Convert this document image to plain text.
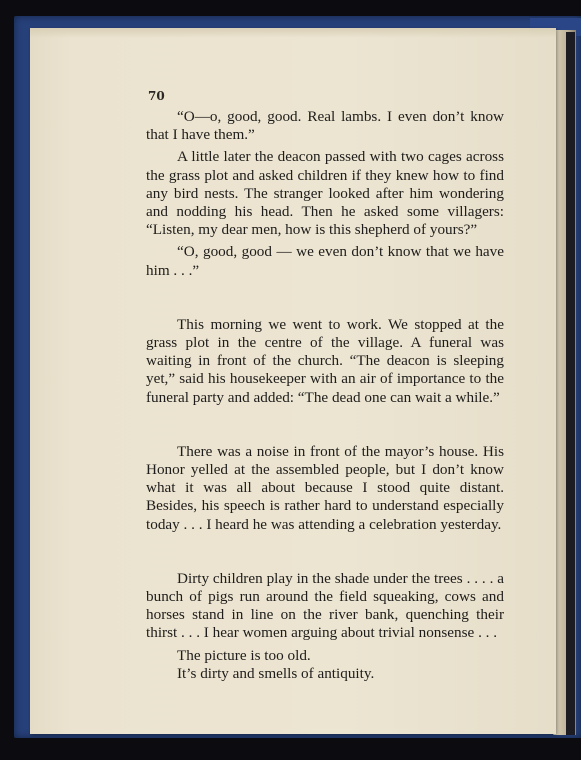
70

“O—o, good, good. Real lambs. I even don’t know that I have them.”

A little later the deacon passed with two cages across the grass plot and asked children if they knew how to find any bird nests. The stranger looked after him wondering and nodding his head. Then he asked some villagers: “Listen, my dear men, how is this shepherd of yours?”

“O, good, good — we even don’t know that we have him . . .”

This morning we went to work. We stopped at the grass plot in the centre of the village. A funeral was waiting in front of the church. “The deacon is sleeping yet,” said his housekeeper with an air of importance to the funeral party and added: “The dead one can wait a while.”

There was a noise in front of the mayor’s house. His Honor yelled at the assembled people, but I don’t know what it was all about because I stood quite distant. Besides, his speech is rather hard to understand especially today . . . I heard he was attending a celebration yesterday.

Dirty children play in the shade under the trees . . . . a bunch of pigs run around the field squeaking, cows and horses stand in line on the river bank, quenching their thirst . . . I hear women arguing about trivial nonsense . . .

The picture is too old.

It’s dirty and smells of antiquity.
